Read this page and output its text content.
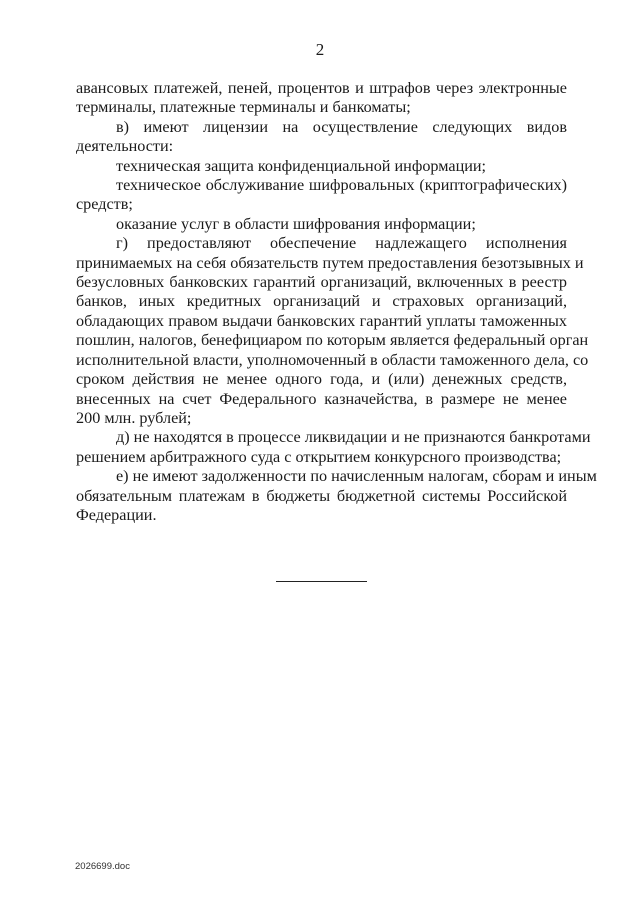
2
авансовых платежей, пеней, процентов и штрафов через электронные
терминалы, платежные терминалы и банкоматы;
в) имеют лицензии на осуществление следующих видов
деятельности:
техническая защита конфиденциальной информации;
техническое обслуживание шифровальных (криптографических)
средств;
оказание услуг в области шифрования информации;
г) предоставляют обеспечение надлежащего исполнения
принимаемых на себя обязательств путем предоставления безотзывных и
безусловных банковских гарантий организаций, включенных в реестр
банков, иных кредитных организаций и страховых организаций,
обладающих правом выдачи банковских гарантий уплаты таможенных
пошлин, налогов, бенефициаром по которым является федеральный орган
исполнительной власти, уполномоченный в области таможенного дела, со
сроком действия не менее одного года, и (или) денежных средств,
внесенных на счет Федерального казначейства, в размере не менее
200 млн. рублей;
д) не находятся в процессе ликвидации и не признаются банкротами
решением арбитражного суда с открытием конкурсного производства;
е) не имеют задолженности по начисленным налогам, сборам и иным
обязательным платежам в бюджеты бюджетной системы Российской
Федерации.
2026699.doc
